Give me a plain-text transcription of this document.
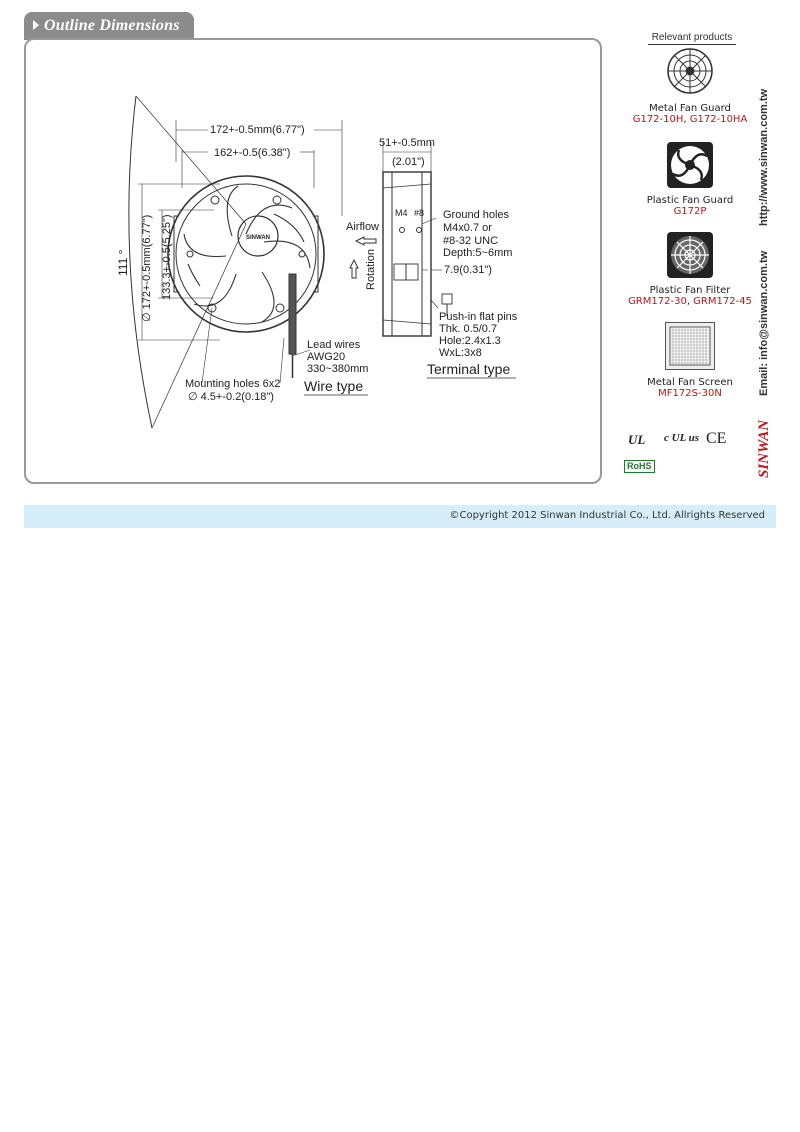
Outline Dimensions
SINWAN
172+-0.5mm(6.77")
162+-0.5(6.38")
∅ 172+-0.5mm(6.77") 133.3+-0.5(5.25")
111 °
Airflow
Rotation
51+-0.5mm
(2.01")
M4 #8 Ground holes
M4x0.7 or
#8-32 UNC
Depth:5~6mm
7.9(0.31")
Push-in flat pins
Thk. 0.5/0.7
Hole:2.4x1.3
WxL:3x8
Lead wires
AWG20
330~380mm
Wire type
Terminal type
Mounting holes 6x2
∅ 4.5+-0.2(0.18")
Relevant products
Metal Fan Guard
G172-10H, G172-10HA
Plastic Fan Guard
G172P
Plastic Fan Filter
GRM172-30, GRM172-45
Metal Fan Screen
MF172S-30N
UL c UL us CE
RoHS
http://www.sinwan.com.tw
Email: info@sinwan.com.tw
SINWAN
©Copyright 2012 Sinwan Industrial Co., Ltd. Allrights Reserved
